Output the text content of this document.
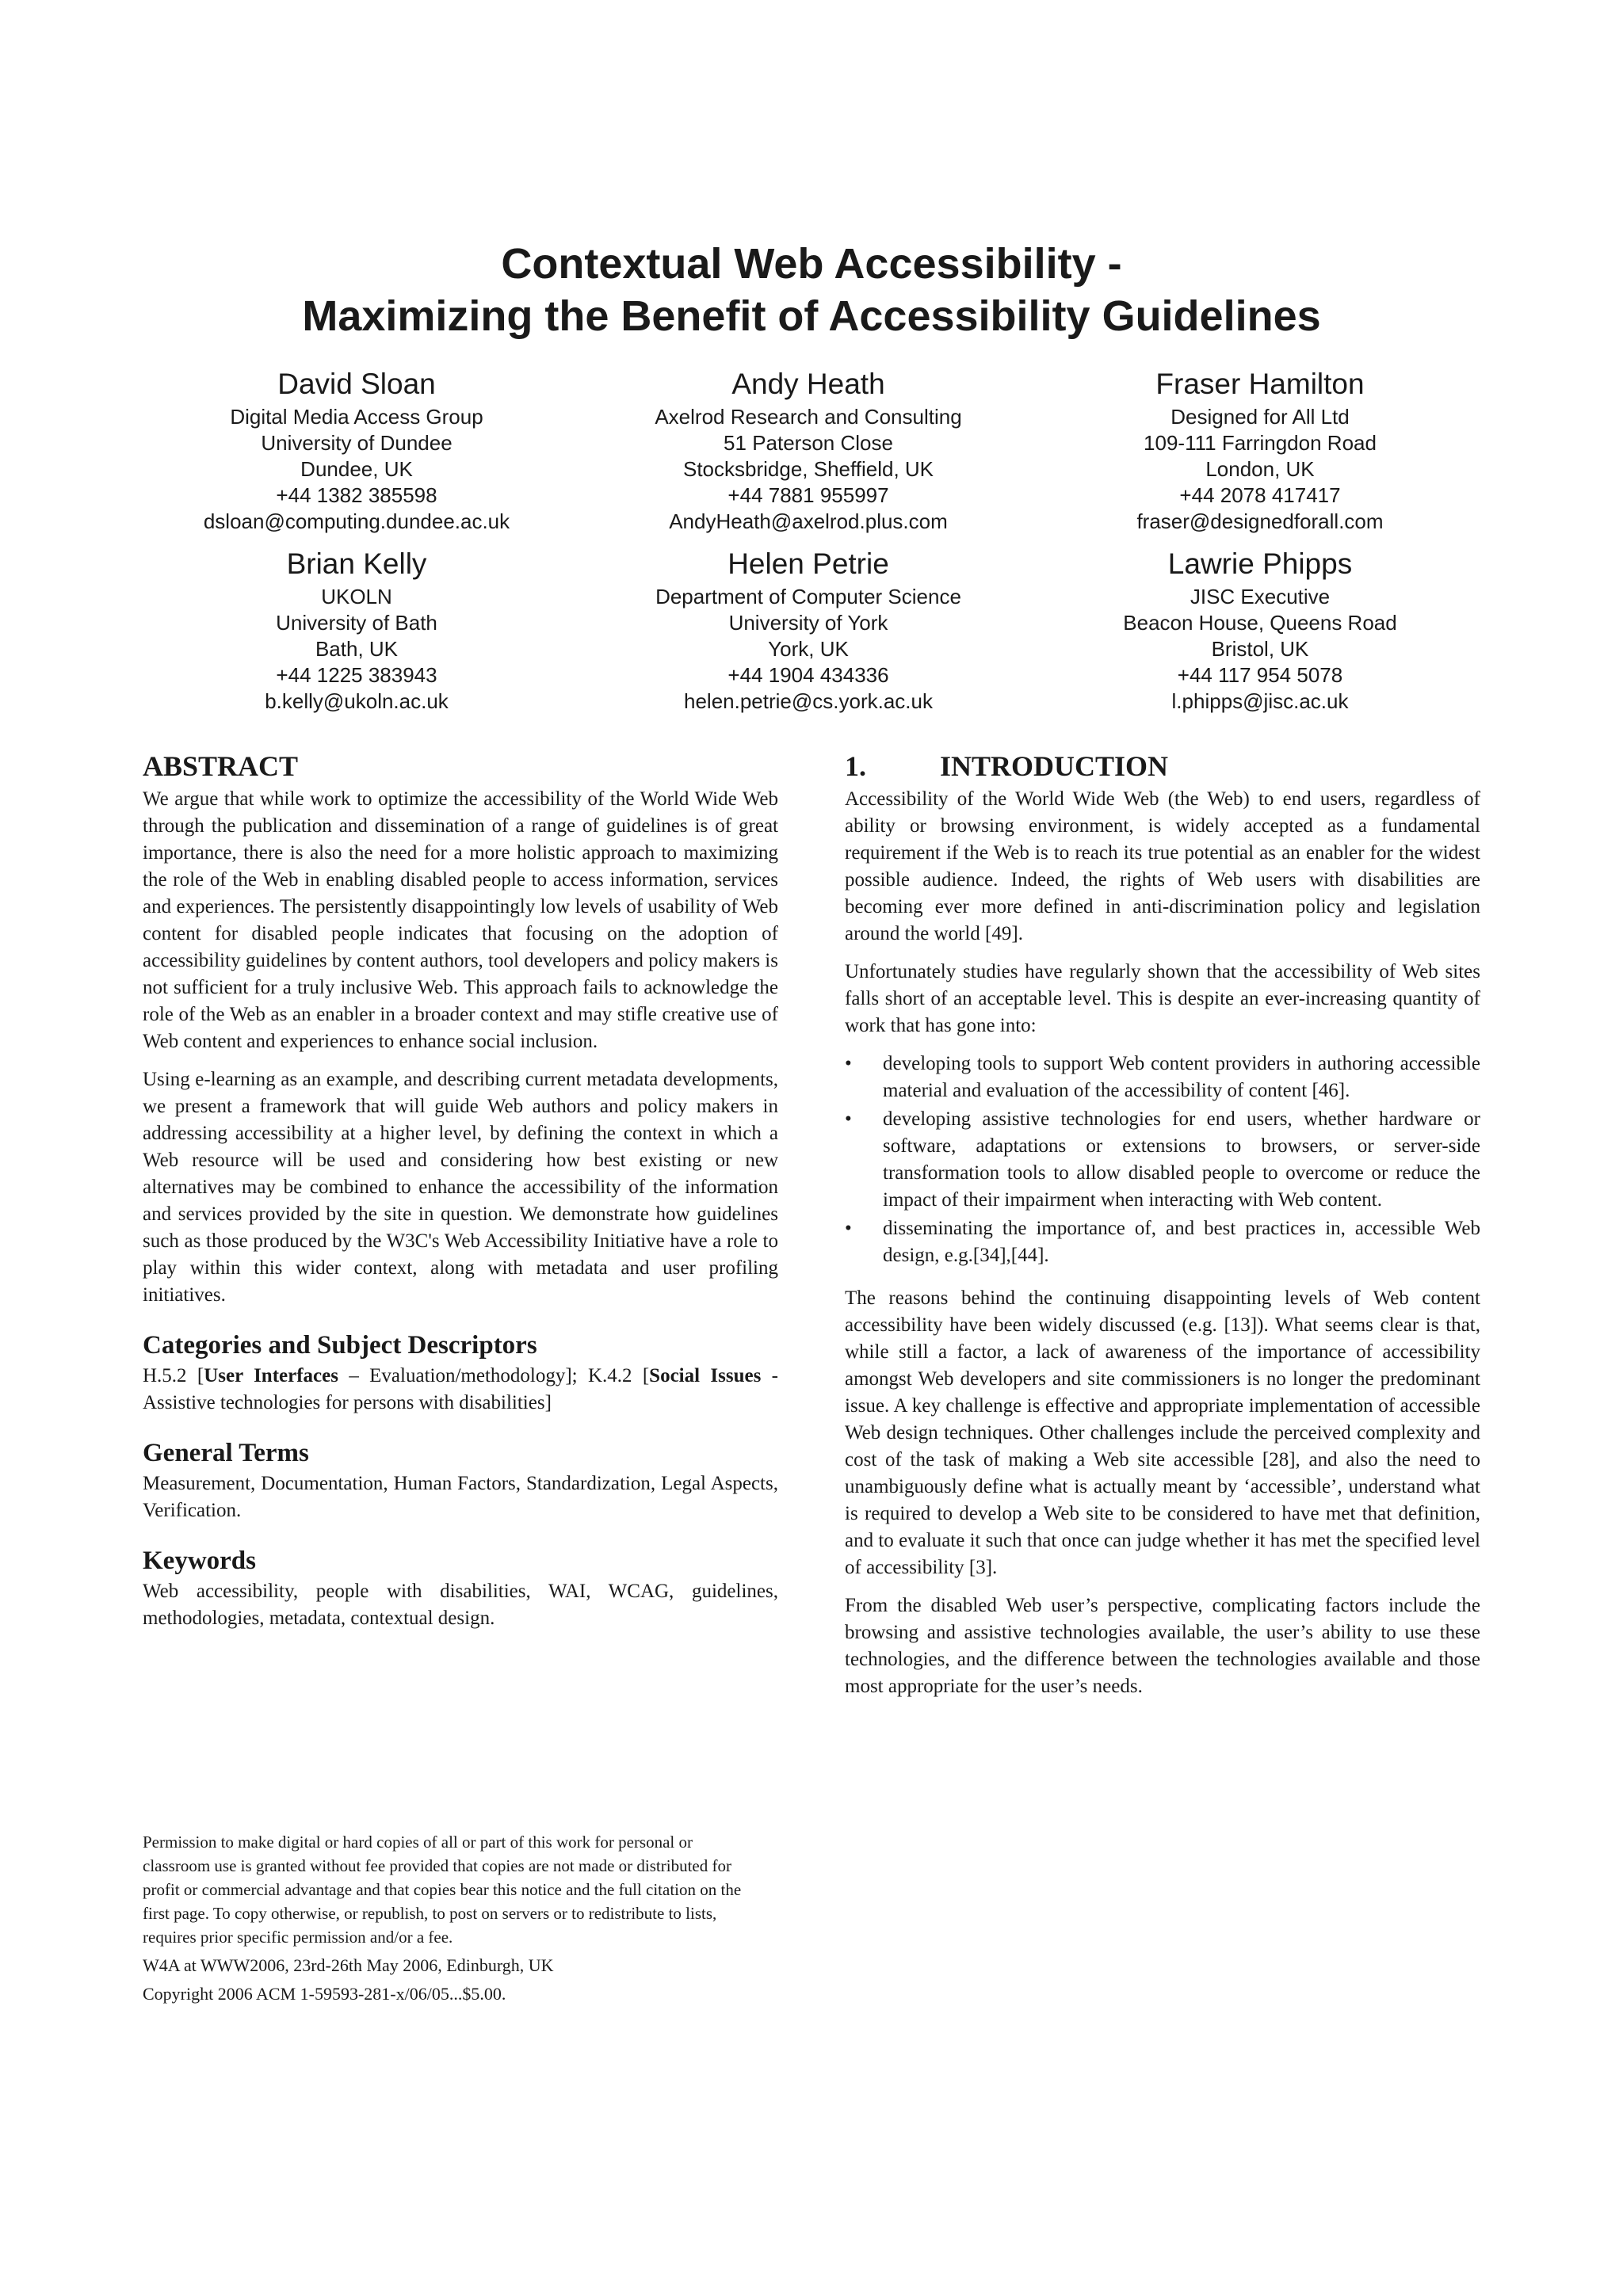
Contextual Web Accessibility -
Maximizing the Benefit of Accessibility Guidelines
David Sloan
Digital Media Access Group
University of Dundee
Dundee, UK
+44 1382 385598
dsloan@computing.dundee.ac.uk
Andy Heath
Axelrod Research and Consulting
51 Paterson Close
Stocksbridge, Sheffield, UK
+44 7881 955997
AndyHeath@axelrod.plus.com
Fraser Hamilton
Designed for All Ltd
109-111 Farringdon Road
London, UK
+44 2078 417417
fraser@designedforall.com
Brian Kelly
UKOLN
University of Bath
Bath, UK
+44 1225 383943
b.kelly@ukoln.ac.uk
Helen Petrie
Department of Computer Science
University of York
York, UK
+44 1904 434336
helen.petrie@cs.york.ac.uk
Lawrie Phipps
JISC Executive
Beacon House, Queens Road
Bristol, UK
+44 117 954 5078
l.phipps@jisc.ac.uk
ABSTRACT

We argue that while work to optimize the accessibility of the World Wide Web through the publication and dissemination of a range of guidelines is of great importance, there is also the need for a more holistic approach to maximizing the role of the Web in enabling disabled people to access information, services and experiences. The persistently disappointingly low levels of usability of Web content for disabled people indicates that focusing on the adoption of accessibility guidelines by content authors, tool developers and policy makers is not sufficient for a truly inclusive Web. This approach fails to acknowledge the role of the Web as an enabler in a broader context and may stifle creative use of Web content and experiences to enhance social inclusion.

Using e-learning as an example, and describing current metadata developments, we present a framework that will guide Web authors and policy makers in addressing accessibility at a higher level, by defining the context in which a Web resource will be used and considering how best existing or new alternatives may be combined to enhance the accessibility of the information and services provided by the site in question. We demonstrate how guidelines such as those produced by the W3C's Web Accessibility Initiative have a role to play within this wider context, along with metadata and user profiling initiatives.

Categories and Subject Descriptors

H.5.2 [User Interfaces – Evaluation/methodology]; K.4.2 [Social Issues - Assistive technologies for persons with disabilities]

General Terms

Measurement, Documentation, Human Factors, Standardization, Legal Aspects, Verification.

Keywords

Web accessibility, people with disabilities, WAI, WCAG, guidelines, methodologies, metadata, contextual design.

Permission to make digital or hard copies of all or part of this work for personal or classroom use is granted without fee provided that copies are not made or distributed for profit or commercial advantage and that copies bear this notice and the full citation on the first page. To copy otherwise, or republish, to post on servers or to redistribute to lists, requires prior specific permission and/or a fee.

W4A at WWW2006, 23rd-26th May 2006, Edinburgh, UK

Copyright 2006 ACM 1-59593-281-x/06/05...$5.00.

1.	INTRODUCTION

Accessibility of the World Wide Web (the Web) to end users, regardless of ability or browsing environment, is widely accepted as a fundamental requirement if the Web is to reach its true potential as an enabler for the widest possible audience. Indeed, the rights of Web users with disabilities are becoming ever more defined in anti-discrimination policy and legislation around the world [49].

Unfortunately studies have regularly shown that the accessibility of Web sites falls short of an acceptable level. This is despite an ever-increasing quantity of work that has gone into:

•	developing tools to support Web content providers in authoring accessible material and evaluation of the accessibility of content [46].
•	developing assistive technologies for end users, whether hardware or software, adaptations or extensions to browsers, or server-side transformation tools to allow disabled people to overcome or reduce the impact of their impairment when interacting with Web content.
•	disseminating the importance of, and best practices in, accessible Web design, e.g.[34],[44].

The reasons behind the continuing disappointing levels of Web content accessibility have been widely discussed (e.g. [13]). What seems clear is that, while still a factor, a lack of awareness of the importance of accessibility amongst Web developers and site commissioners is no longer the predominant issue. A key challenge is effective and appropriate implementation of accessible Web design techniques. Other challenges include the perceived complexity and cost of the task of making a Web site accessible [28], and also the need to unambiguously define what is actually meant by ‘accessible’, understand what is required to develop a Web site to be considered to have met that definition, and to evaluate it such that once can judge whether it has met the specified level of accessibility [3].

From the disabled Web user’s perspective, complicating factors include the browsing and assistive technologies available, the user’s ability to use these technologies, and the difference between the technologies available and those most appropriate for the user’s needs.
